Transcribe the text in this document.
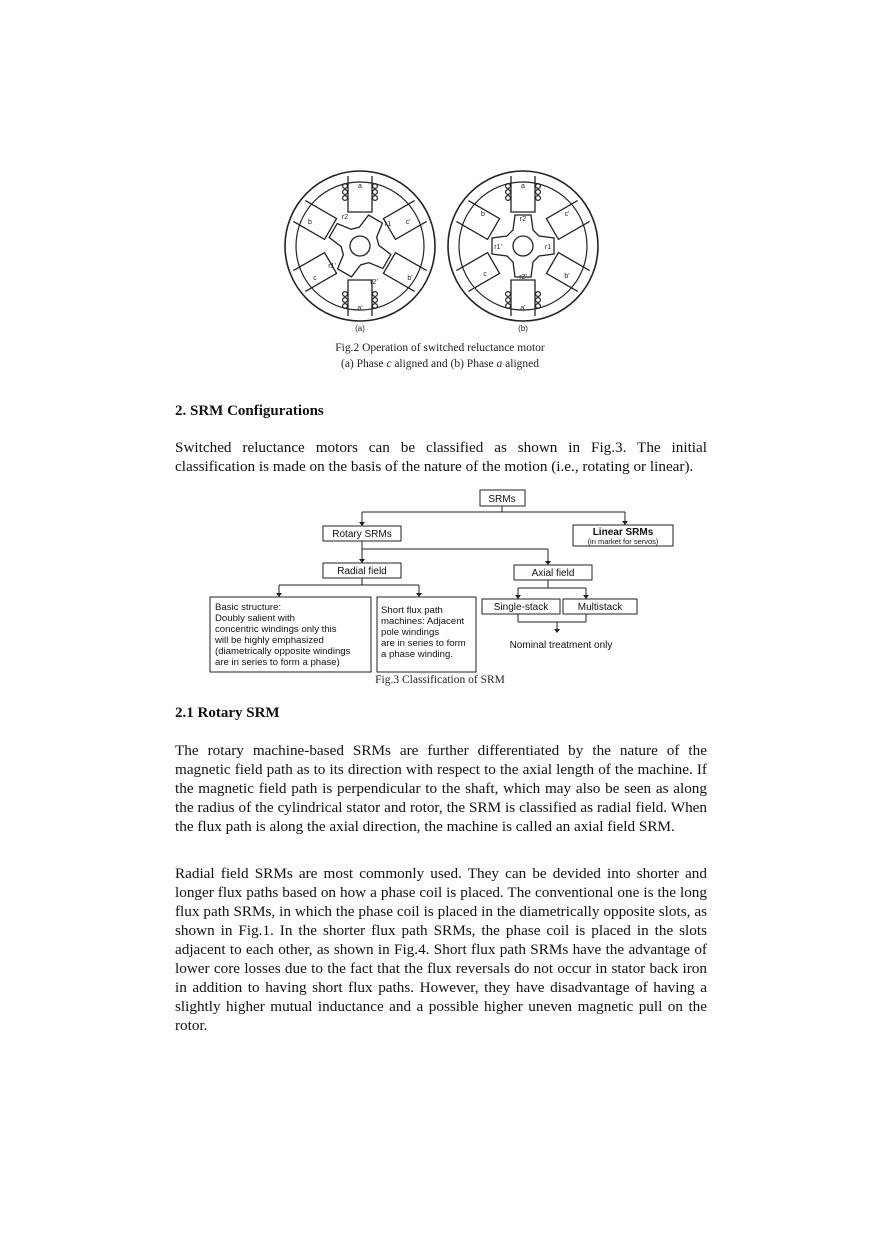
a
a'
b
b'
c
c'
r2
r1
r1'
r2'
a
a'
b
b'
c
c'
r2
r1
r1'
r2'
(a)	(b)
Fig.2 Operation of switched reluctance motor
(a) Phase c aligned and (b) Phase a aligned
2. SRM Configurations
Switched reluctance motors can be classified as shown in Fig.3. The initial classification is made on the basis of the nature of the motion (i.e., rotating or linear).
SRMs
Rotary SRMs	Linear SRMs
(in market for servos)
Radial field	Axial field
Single-stack	Multistack
Nominal treatment only
Basic structure:
Doubly salient with
concentric windings only this
will be highly emphasized
(diametrically opposite windings
are in series to form a phase)
Short flux path
machines: Adjacent
pole windings
are in series to form
a phase winding.
Fig.3 Classification of SRM
2.1 Rotary SRM
The rotary machine-based SRMs are further differentiated by the nature of the magnetic field path as to its direction with respect to the axial length of the machine. If the magnetic field path is perpendicular to the shaft, which may also be seen as along the radius of the cylindrical stator and rotor, the SRM is classified as radial field. When the flux path is along the axial direction, the machine is called an axial field SRM.
Radial field SRMs are most commonly used. They can be devided into shorter and longer flux paths based on how a phase coil is placed. The conventional one is the long flux path SRMs, in which the phase coil is placed in the diametrically opposite slots, as shown in Fig.1. In the shorter flux path SRMs, the phase coil is placed in the slots adjacent to each other, as shown in Fig.4. Short flux path SRMs have the advantage of lower core losses due to the fact that the flux reversals do not occur in stator back iron in addition to having short flux paths. However, they have disadvantage of having a slightly higher mutual inductance and a possible higher uneven magnetic pull on the rotor.
